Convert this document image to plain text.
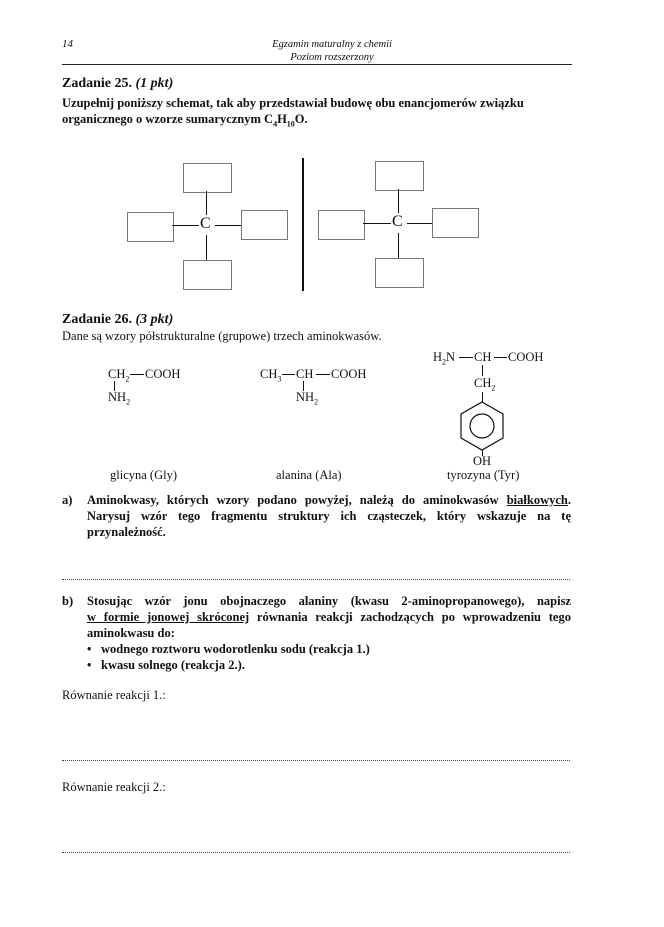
14	Egzamin maturalny z chemii
Poziom rozszerzony
Zadanie 25. (1 pkt)
Uzupełnij poniższy schemat, tak aby przedstawiał budowę obu enancjomerów związku
organicznego o wzorze sumarycznym $C_4H_{10}O$.
C	C
Zadanie 26. (3 pkt)
Dane są wzory półstrukturalne (grupowe) trzech aminokwasów.
$CH_2$ COOH
$NH_2$
glicyna (Gly)
$CH_3$ CH COOH
$NH_2$
alanina (Ala)
$H_2N$ CH COOH
$CH_2$
OH
tyrozyna (Tyr)
a) Aminokwasy, których wzory podano powyżej, należą do aminokwasów białkowych.
Narysuj wzór tego fragmentu struktury ich cząsteczek, który wskazuje na tę
przynależność.
b) Stosując wzór jonu obojnaczego alaniny (kwasu 2-aminopropanowego), napisz
w formie jonowej skróconej równania reakcji zachodzących po wprowadzeniu tego
aminokwasu do:
• wodnego roztworu wodorotlenku sodu (reakcja 1.)
• kwasu solnego (reakcja 2.).
Równanie reakcji 1.:
Równanie reakcji 2.:
